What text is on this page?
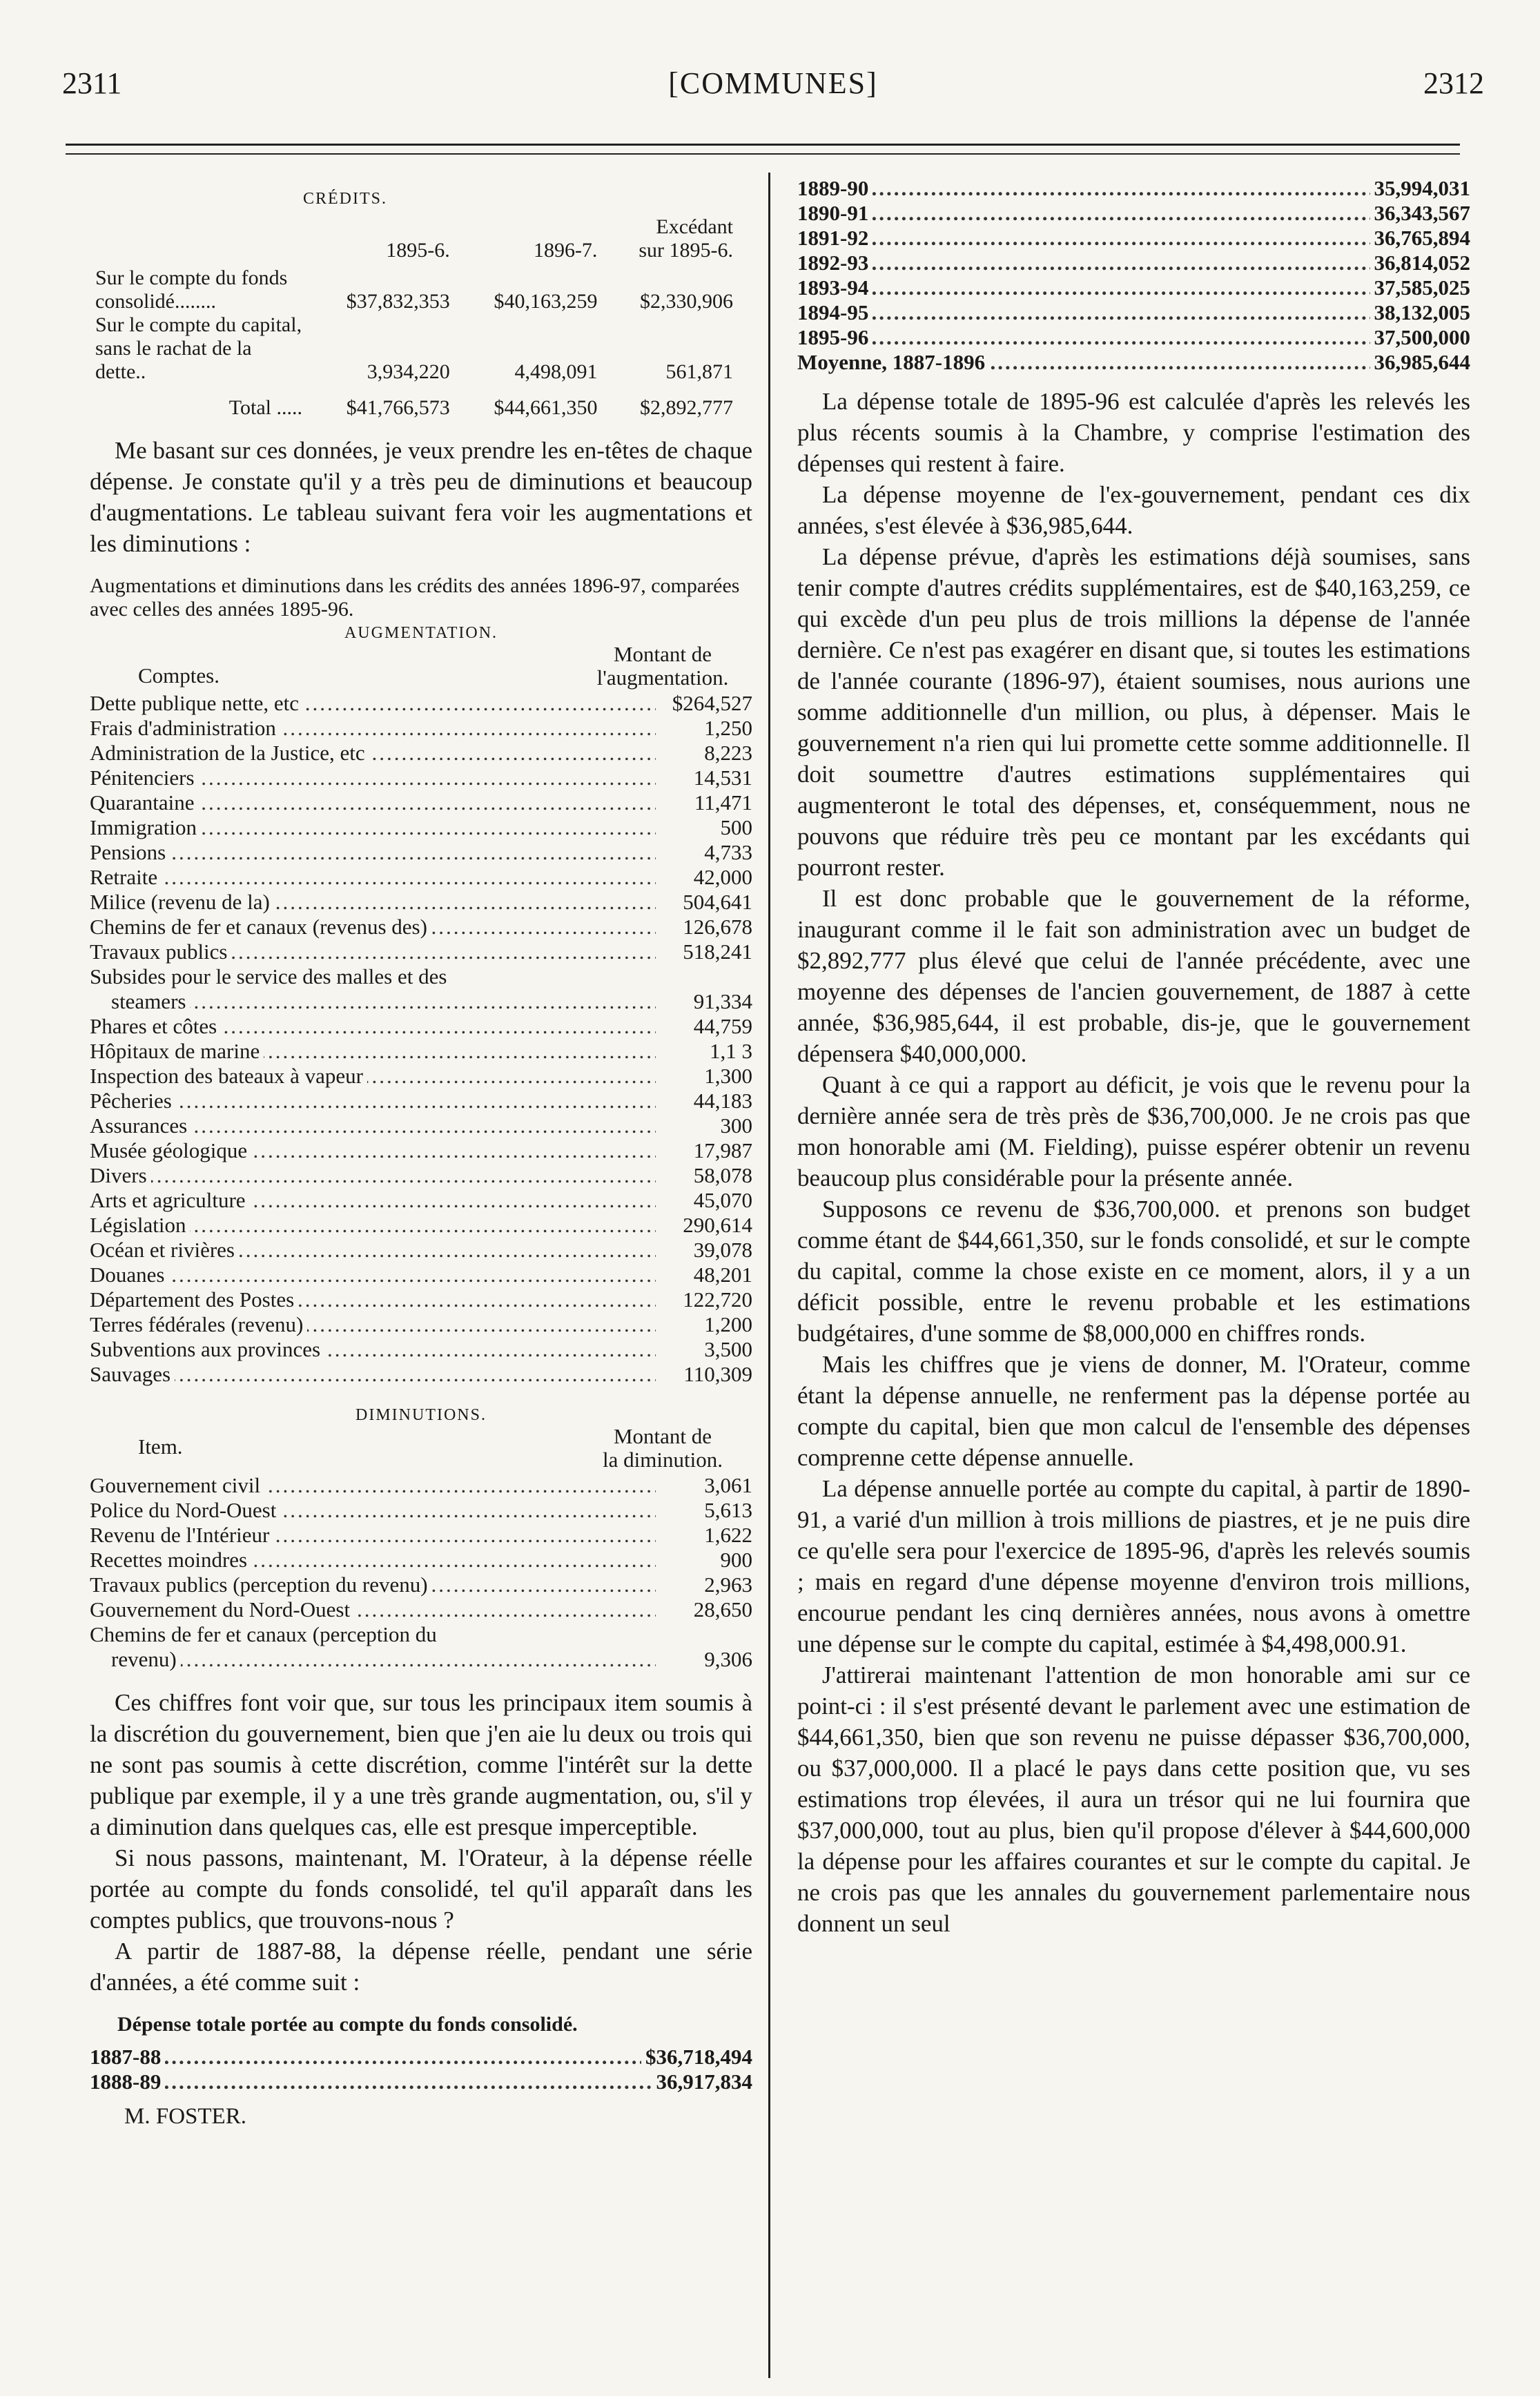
2311	[COMMUNES]	2312
CRÉDITS.
	1895-6.	1896-7.	Excédant
sur 1895-6.

Sur le compte du fonds consolidé........	$37,832,353	$40,163,259	$2,330,906
Sur le compte du capital, sans le rachat de la dette..	3,934,220	4,498,091	561,871
Total .....	$41,766,573	$44,661,350	$2,892,777

Me basant sur ces données, je veux prendre les en-têtes de chaque dépense. Je constate qu'il y a très peu de diminutions et beaucoup d'augmentations. Le tableau suivant fera voir les augmentations et les diminutions :

Augmentations et diminutions dans les crédits des années 1896-97, comparées avec celles des années 1895-96.
AUGMENTATION.
Comptes.
Montant de
l'augmentation.
.....
Dette publique nette, etc	$264,527
.....
Frais d'administration	1,250
.....
Administration de la Justice, etc	8,223
.....
Pénitenciers	14,531
.....
Quarantaine	11,471
.....
Immigration	500
.....
Pensions	4,733
.....
Retraite	42,000
.....
Milice (revenu de la)	504,641
.....
Chemins de fer et canaux (revenus des)	126,678
.....
Travaux publics	518,241
Subsides pour le service des malles et des
.....
steamers	91,334
.....
Phares et côtes	44,759
.....
Hôpitaux de marine	1,1 3
.....
Inspection des bateaux à vapeur	1,300
.....
Pêcheries	44,183
.....
Assurances	300
.....
Musée géologique	17,987
.....
Divers	58,078
.....
Arts et agriculture	45,070
.....
Législation	290,614
.....
Océan et rivières	39,078
.....
Douanes	48,201
.....
Département des Postes	122,720
.....
Terres fédérales (revenu)	1,200
.....
Subventions aux provinces	3,500
.....
Sauvages	110,309
DIMINUTIONS.
Item.	Montant de
la diminution.
.....
Gouvernement civil	3,061
.....
Police du Nord-Ouest	5,613
.....
Revenu de l'Intérieur	1,622
.....
Recettes moindres	900
.....
Travaux publics (perception du revenu)	2,963
.....
Gouvernement du Nord-Ouest	28,650
Chemins de fer et canaux (perception du
.....
revenu)	9,306

Ces chiffres font voir que, sur tous les principaux item soumis à la discrétion du gouvernement, bien que j'en aie lu deux ou trois qui ne sont pas soumis à cette discrétion, comme l'intérêt sur la dette publique par exemple, il y a une très grande augmentation, ou, s'il y a diminution dans quelques cas, elle est presque imperceptible.

Si nous passons, maintenant, M. l'Orateur, à la dépense réelle portée au compte du fonds consolidé, tel qu'il apparaît dans les comptes publics, que trouvons-nous ?

A partir de 1887-88, la dépense réelle, pendant une série d'années, a été comme suit :

Dépense totale portée au compte du fonds consolidé.
.....
1887-88	$36,718,494
.....
1888-89	36,917,834
M. FOSTER.
.....
1889-90	35,994,031
.....
1890-91	36,343,567
.....
1891-92	36,765,894
.....
1892-93	36,814,052
.....
1893-94	37,585,025
.....
1894-95	38,132,005
.....
1895-96	37,500,000
.....
Moyenne, 1887-1896	36,985,644

La dépense totale de 1895-96 est calculée d'après les relevés les plus récents soumis à la Chambre, y comprise l'estimation des dépenses qui restent à faire.

La dépense moyenne de l'ex-gouvernement, pendant ces dix années, s'est élevée à $36,985,644.

La dépense prévue, d'après les estimations déjà soumises, sans tenir compte d'autres crédits supplémentaires, est de $40,163,259, ce qui excède d'un peu plus de trois millions la dépense de l'année dernière. Ce n'est pas exagérer en disant que, si toutes les estimations de l'année courante (1896-97), étaient soumises, nous aurions une somme additionnelle d'un million, ou plus, à dépenser. Mais le gouvernement n'a rien qui lui promette cette somme additionnelle. Il doit soumettre d'autres estimations supplémentaires qui augmenteront le total des dépenses, et, conséquemment, nous ne pouvons que réduire très peu ce montant par les excédants qui pourront rester.

Il est donc probable que le gouvernement de la réforme, inaugurant comme il le fait son administration avec un budget de $2,892,777 plus élevé que celui de l'année précédente, avec une moyenne des dépenses de l'ancien gouvernement, de 1887 à cette année, $36,985,644, il est probable, dis-je, que le gouvernement dépensera $40,000,000.

Quant à ce qui a rapport au déficit, je vois que le revenu pour la dernière année sera de très près de $36,700,000. Je ne crois pas que mon honorable ami (M. Fielding), puisse espérer obtenir un revenu beaucoup plus considérable pour la présente année.

Supposons ce revenu de $36,700,000. et prenons son budget comme étant de $44,661,350, sur le fonds consolidé, et sur le compte du capital, comme la chose existe en ce moment, alors, il y a un déficit possible, entre le revenu probable et les estimations budgétaires, d'une somme de $8,000,000 en chiffres ronds.

Mais les chiffres que je viens de donner, M. l'Orateur, comme étant la dépense annuelle, ne renferment pas la dépense portée au compte du capital, bien que mon calcul de l'ensemble des dépenses comprenne cette dépense annuelle.

La dépense annuelle portée au compte du capital, à partir de 1890-91, a varié d'un million à trois millions de piastres, et je ne puis dire ce qu'elle sera pour l'exercice de 1895-96, d'après les relevés soumis ; mais en regard d'une dépense moyenne d'environ trois millions, encourue pendant les cinq dernières années, nous avons à omettre une dépense sur le compte du capital, estimée à $4,498,000.91.

J'attirerai maintenant l'attention de mon honorable ami sur ce point-ci : il s'est présenté devant le parlement avec une estimation de $44,661,350, bien que son revenu ne puisse dépasser $36,700,000, ou $37,000,000. Il a placé le pays dans cette position que, vu ses estimations trop élevées, il aura un trésor qui ne lui fournira que $37,000,000, tout au plus, bien qu'il propose d'élever à $44,600,000 la dépense pour les affaires courantes et sur le compte du capital. Je ne crois pas que les annales du gouvernement parlementaire nous donnent un seul
